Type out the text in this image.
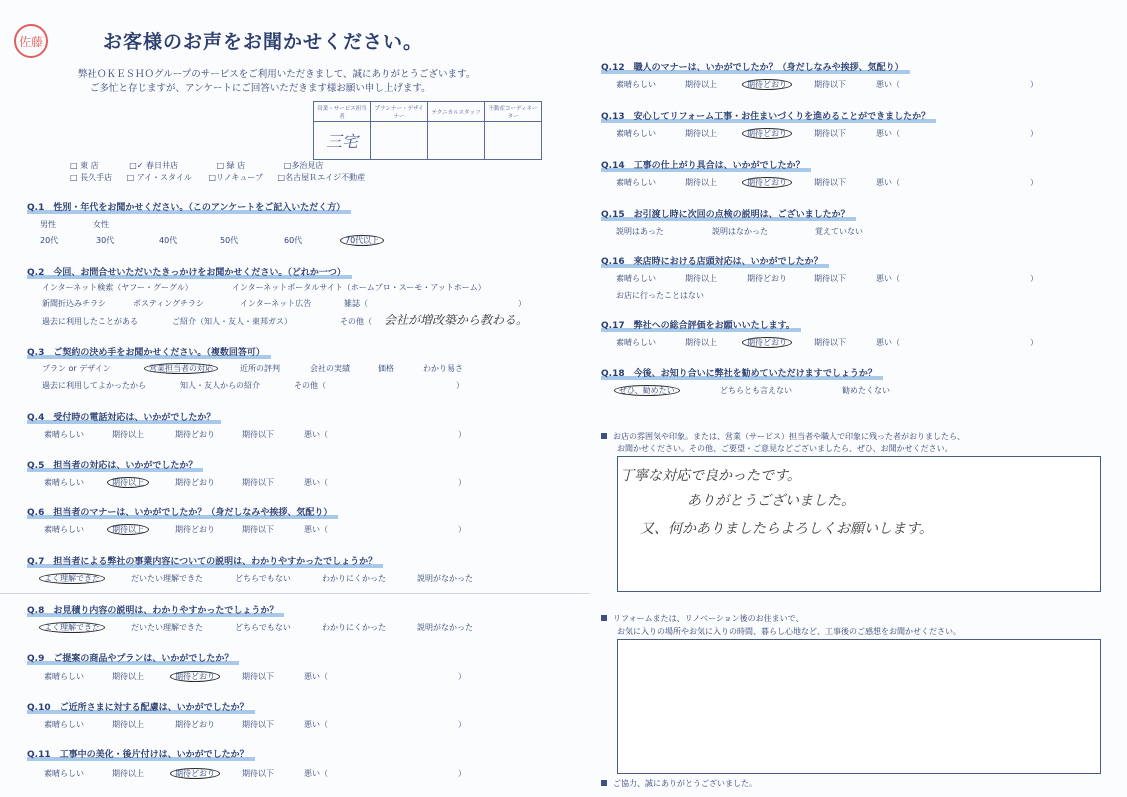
佐藤	お客様のお声をお聞かせください。
弊社ＯＫＥＳＨＯグループのサービスをご利用いただきまして、誠にありがとうございます。
ご多忙と存じますが、アンケートにご回答いただきます様お願い申し上げます。
営業・サービス担当者	プランナー・デザイナー	テクニカルスタッフ	不動産コーディネーター
三宅			
□ 東 店	□✓ 春日井店	□ 緑 店	□多治見店
□ 長久手店 □ アイ・スタイル □リノキューブ □名古屋Ｒエイジ不動産
Q.1　性別・年代をお聞かせください。（このアンケートをご記入いただく方）
男性	女性
20代	30代	40代	50代	60代	70代以上
Q.2　今回、お問合せいただいたきっかけをお聞かせください。（どれか一つ）
インターネット検索（ヤフー・グーグル）	インターネットポータルサイト（ホームプロ・スーモ・アットホーム）
新聞折込みチラシ	ポスティングチラシ	インターネット広告	雑誌（	）
過去に利用したことがある	ご紹介（知人・友人・東邦ガス）	その他（ 会社が増改築から教わる。
Q.3　ご契約の決め手をお聞かせください。（複数回答可）
プラン or デザイン	営業担当者の対応	近所の評判	会社の実績	価格	わかり易さ
過去に利用してよかったから	知人・友人からの紹介	その他（	）
Q.4　受付時の電話対応は、いかがでしたか？
素晴らしい	期待以上	期待どおり	期待以下	悪い（	）
Q.5　担当者の対応は、いかがでしたか？
素晴らしい	期待以上	期待どおり	期待以下	悪い（	）
Q.6　担当者のマナーは、いかがでしたか？（身だしなみや挨拶、気配り）
素晴らしい	期待以上	期待どおり	期待以下	悪い（	）
Q.7　担当者による弊社の事業内容についての説明は、わかりやすかったでしょうか？
よく理解できた	だいたい理解できた	どちらでもない	わかりにくかった	説明がなかった
Q.8　お見積り内容の説明は、わかりやすかったでしょうか？
よく理解できた	だいたい理解できた	どちらでもない	わかりにくかった	説明がなかった
Q.9　ご提案の商品やプランは、いかがでしたか？
素晴らしい	期待以上	期待どおり	期待以下	悪い（	）
Q.10　ご近所さまに対する配慮は、いかがでしたか？
素晴らしい	期待以上	期待どおり	期待以下	悪い（	）
Q.11　工事中の美化・後片付けは、いかがでしたか？
素晴らしい	期待以上	期待どおり	期待以下	悪い（	）
Q.12　職人のマナーは、いかがでしたか？（身だしなみや挨拶、気配り）
素晴らしい	期待以上	期待どおり	期待以下	悪い（	）
Q.13　安心してリフォーム工事・お住まいづくりを進めることができましたか？
素晴らしい	期待以上	期待どおり	期待以下	悪い（	）
Q.14　工事の仕上がり具合は、いかがでしたか？
素晴らしい	期待以上	期待どおり	期待以下	悪い（	）
Q.15　お引渡し時に次回の点検の説明は、ございましたか？
説明はあった	説明はなかった	覚えていない
Q.16　来店時における店頭対応は、いかがでしたか？
素晴らしい	期待以上	期待どおり	期待以下	悪い（	）
お店に行ったことはない
Q.17　弊社への総合評価をお願いいたします。
素晴らしい	期待以上	期待どおり	期待以下	悪い（	）
Q.18　今後、お知り合いに弊社を勧めていただけますでしょうか？
ぜひ、勧めたい	どちらとも言えない	勧めたくない
お店の雰囲気や印象。または、営業（サービス）担当者や職人で印象に残った者がおりましたら、
お聞かせください。その他、ご要望・ご意見などございましたら、ぜひ、お聞かせください。
丁寧な対応で良かったです。
ありがとうございました。
又、何かありましたらよろしくお願いします。
リフォームまたは、リノベーション後のお住まいで、
お気に入りの場所やお気に入りの時間、暮らし心地など、工事後のご感想をお聞かせください。
ご協力、誠にありがとうございました。
